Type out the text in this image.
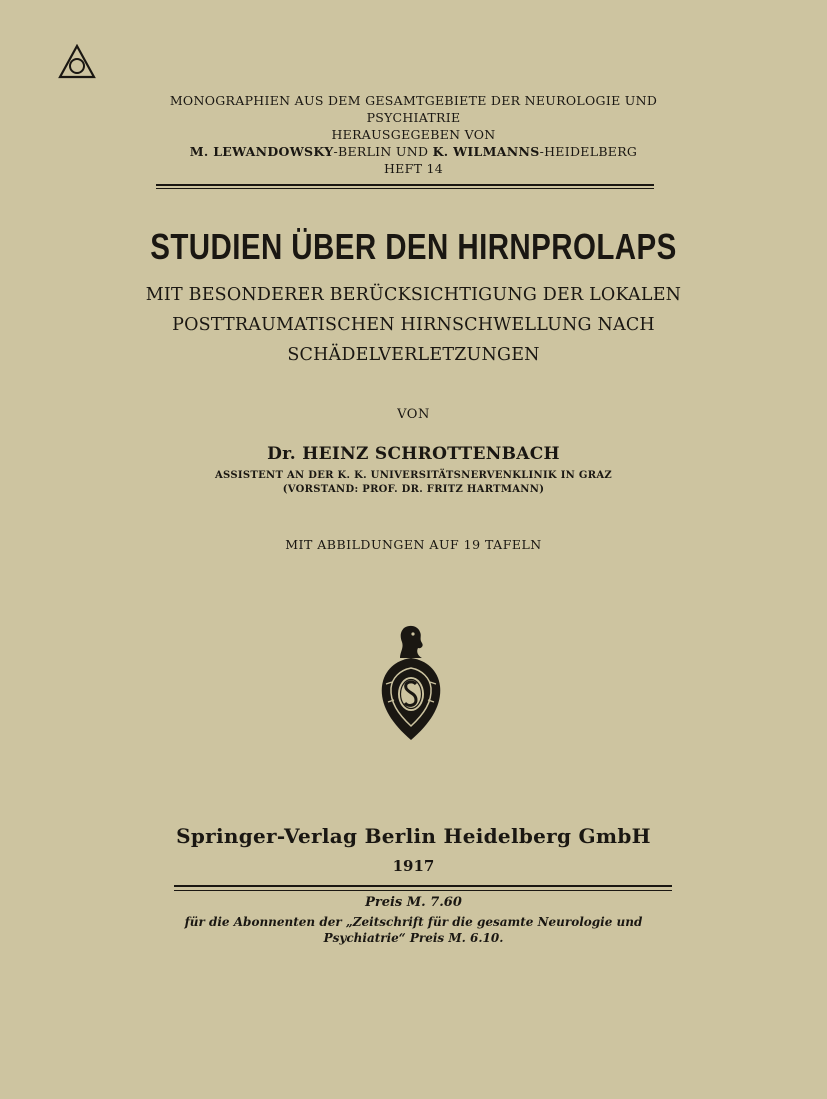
MONOGRAPHIEN AUS DEM GESAMTGEBIETE DER NEUROLOGIE UND
PSYCHIATRIE
HERAUSGEGEBEN VON
M. LEWANDOWSKY-BERLIN UND K. WILMANNS-HEIDELBERG
HEFT 14
STUDIEN ÜBER DEN HIRNPROLAPS
MIT BESONDERER BERÜCKSICHTIGUNG DER LOKALEN
POSTTRAUMATISCHEN HIRNSCHWELLUNG NACH
SCHÄDELVERLETZUNGEN
VON
Dr. HEINZ SCHROTTENBACH
ASSISTENT AN DER K. K. UNIVERSITÄTSNERVENKLINIK IN GRAZ
(VORSTAND: PROF. DR. FRITZ HARTMANN)
MIT ABBILDUNGEN AUF 19 TAFELN
Springer-Verlag Berlin Heidelberg GmbH
1917
Preis M. 7.60
für die Abonnenten der „Zeitschrift für die gesamte Neurologie und
Psychiatrie“ Preis M. 6.10.
